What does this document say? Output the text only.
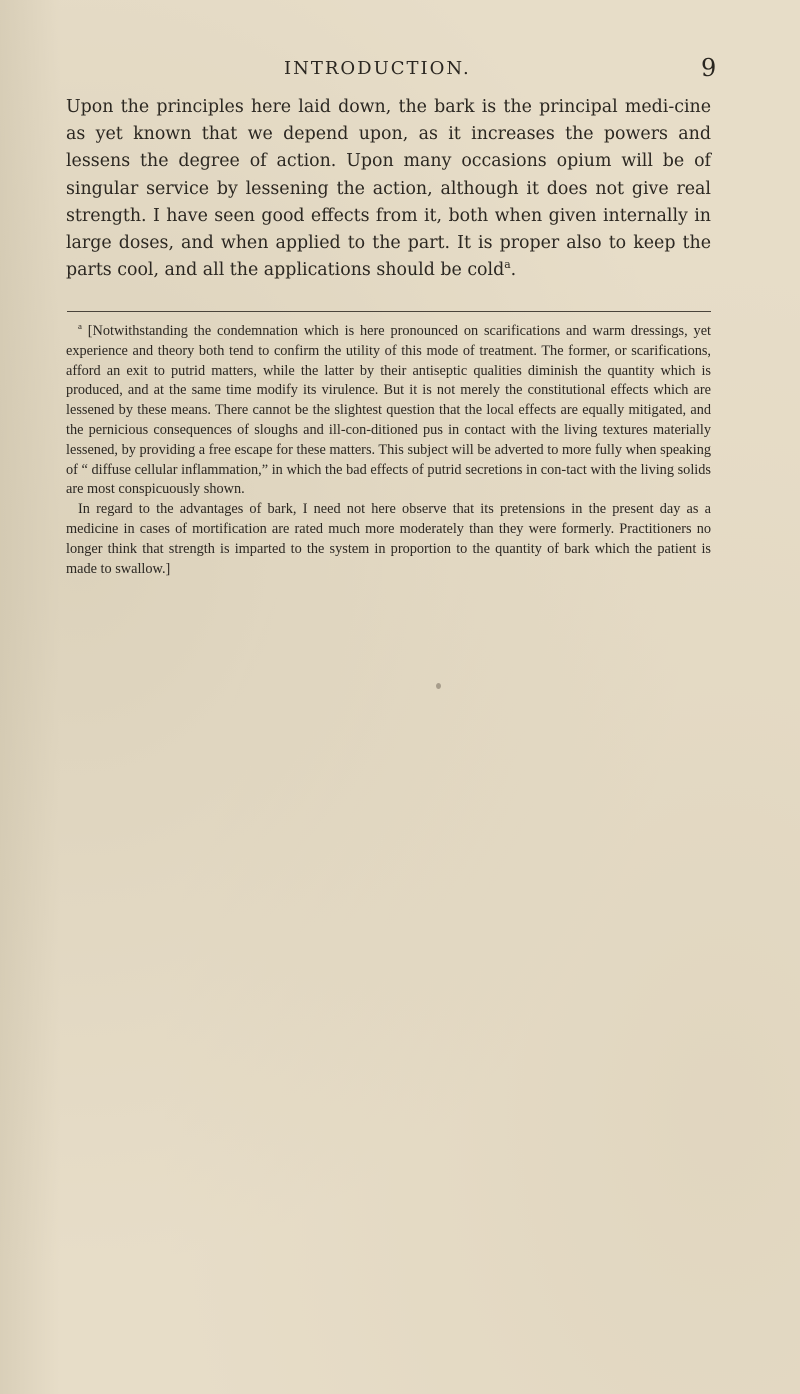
INTRODUCTION.	9

Upon the principles here laid down, the bark is the principal medi-cine as yet known that we depend upon, as it increases the powers and lessens the degree of action. Upon many occasions opium will be of singular service by lessening the action, although it does not give real strength. I have seen good effects from it, both when given internally in large doses, and when applied to the part. It is proper also to keep the parts cool, and all the applications should be cold$^a$.

$^a$ [Notwithstanding the condemnation which is here pronounced on scarifications and warm dressings, yet experience and theory both tend to confirm the utility of this mode of treatment. The former, or scarifications, afford an exit to putrid matters, while the latter by their antiseptic qualities diminish the quantity which is produced, and at the same time modify its virulence. But it is not merely the constitutional effects which are lessened by these means. There cannot be the slightest question that the local effects are equally mitigated, and the pernicious consequences of sloughs and ill-con-ditioned pus in contact with the living textures materially lessened, by providing a free escape for these matters. This subject will be adverted to more fully when speaking of “ diffuse cellular inflammation,” in which the bad effects of putrid secretions in con-tact with the living solids are most conspicuously shown.

In regard to the advantages of bark, I need not here observe that its pretensions in the present day as a medicine in cases of mortification are rated much more moderately than they were formerly. Practitioners no longer think that strength is imparted to the system in proportion to the quantity of bark which the patient is made to swallow.]
